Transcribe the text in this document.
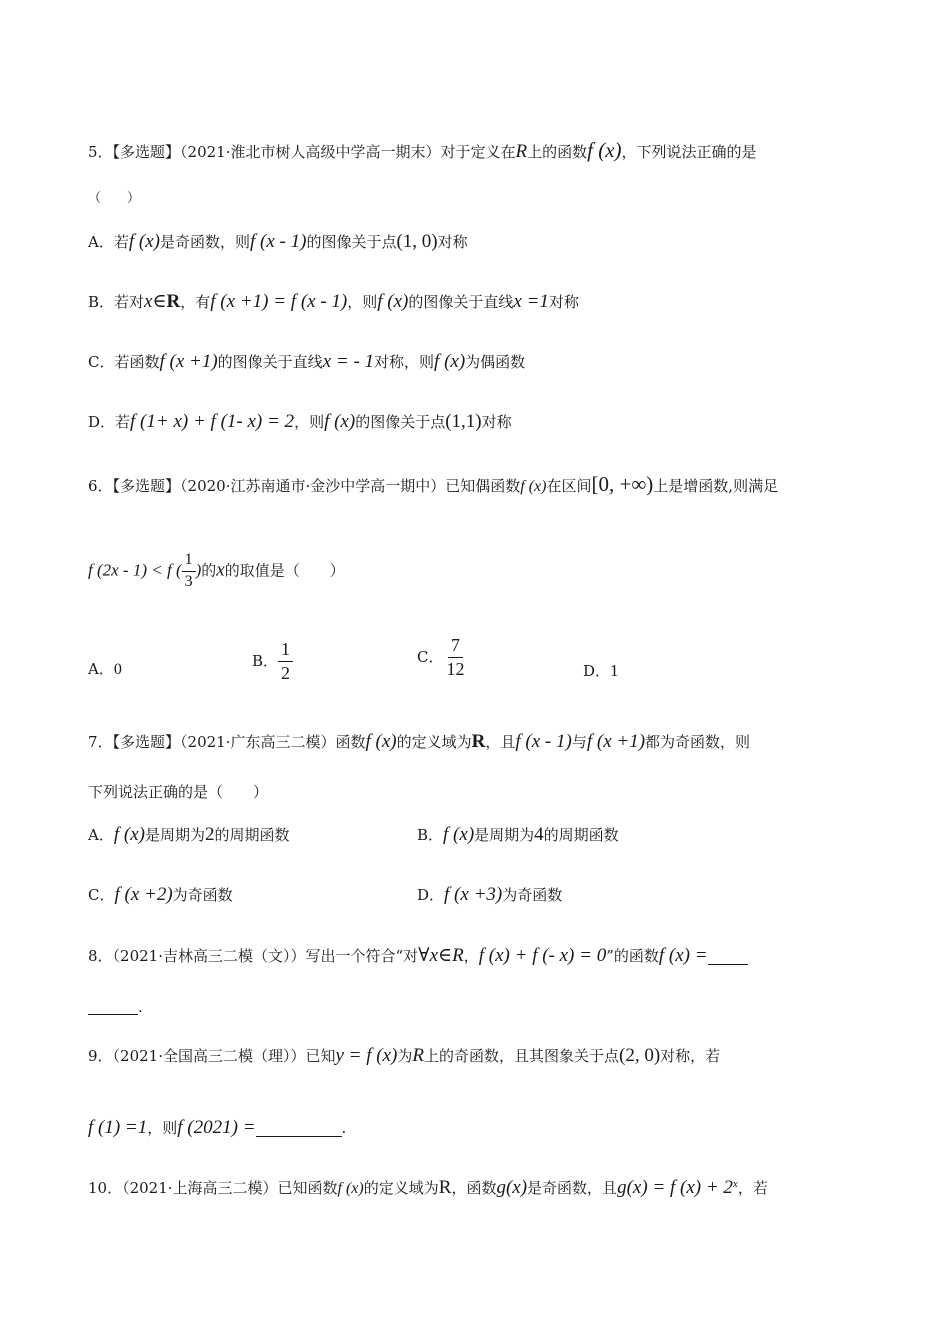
5．【多选题】（2021·淮北市树人高级中学高一期末）对于定义在R上的函数f (x)，下列说法正确的是
（　　）
A．若f (x)是奇函数，则f (x - 1)的图像关于点(1, 0)对称
B．若对x∈R，有f (x +1) = f (x - 1)，则f (x)的图像关于直线x =1对称
C．若函数f (x +1)的图像关于直线x = - 1对称，则f (x)为偶函数
D．若f (1+ x) + f (1- x) = 2，则f (x)的图像关于点(1,1)对称
6．【多选题】（2020·江苏南通市·金沙中学高一期中）已知偶函数f (x)在区间[0, +∞)上是增函数,则满足
f (2x - 1) < f ( $\frac{1}{3}$ )的x的取值是（　　）
A．0	B． $\frac{1}{2}$	C． $\frac{7}{12}$	D．1
7．【多选题】（2021·广东高三二模）函数f (x)的定义域为R，且f (x - 1)与f (x +1)都为奇函数，则
下列说法正确的是（　　）
A．f (x)是周期为2的周期函数	B．f (x)是周期为4的周期函数
C．f (x +2)为奇函数	D．f (x +3)为奇函数
8．（2021·吉林高三二模（文））写出一个符合“对∀x∈R，f (x) + f (- x) = 0”的函数f (x) =
.
9．（2021·全国高三二模（理））已知y = f (x)为R上的奇函数，且其图象关于点(2, 0)对称，若
f (1) =1，则f (2021) =	.
10．（2021·上海高三二模）已知函数f (x)的定义域为R，函数g(x)是奇函数，且g(x) = f $(x) + 2^x$，若
